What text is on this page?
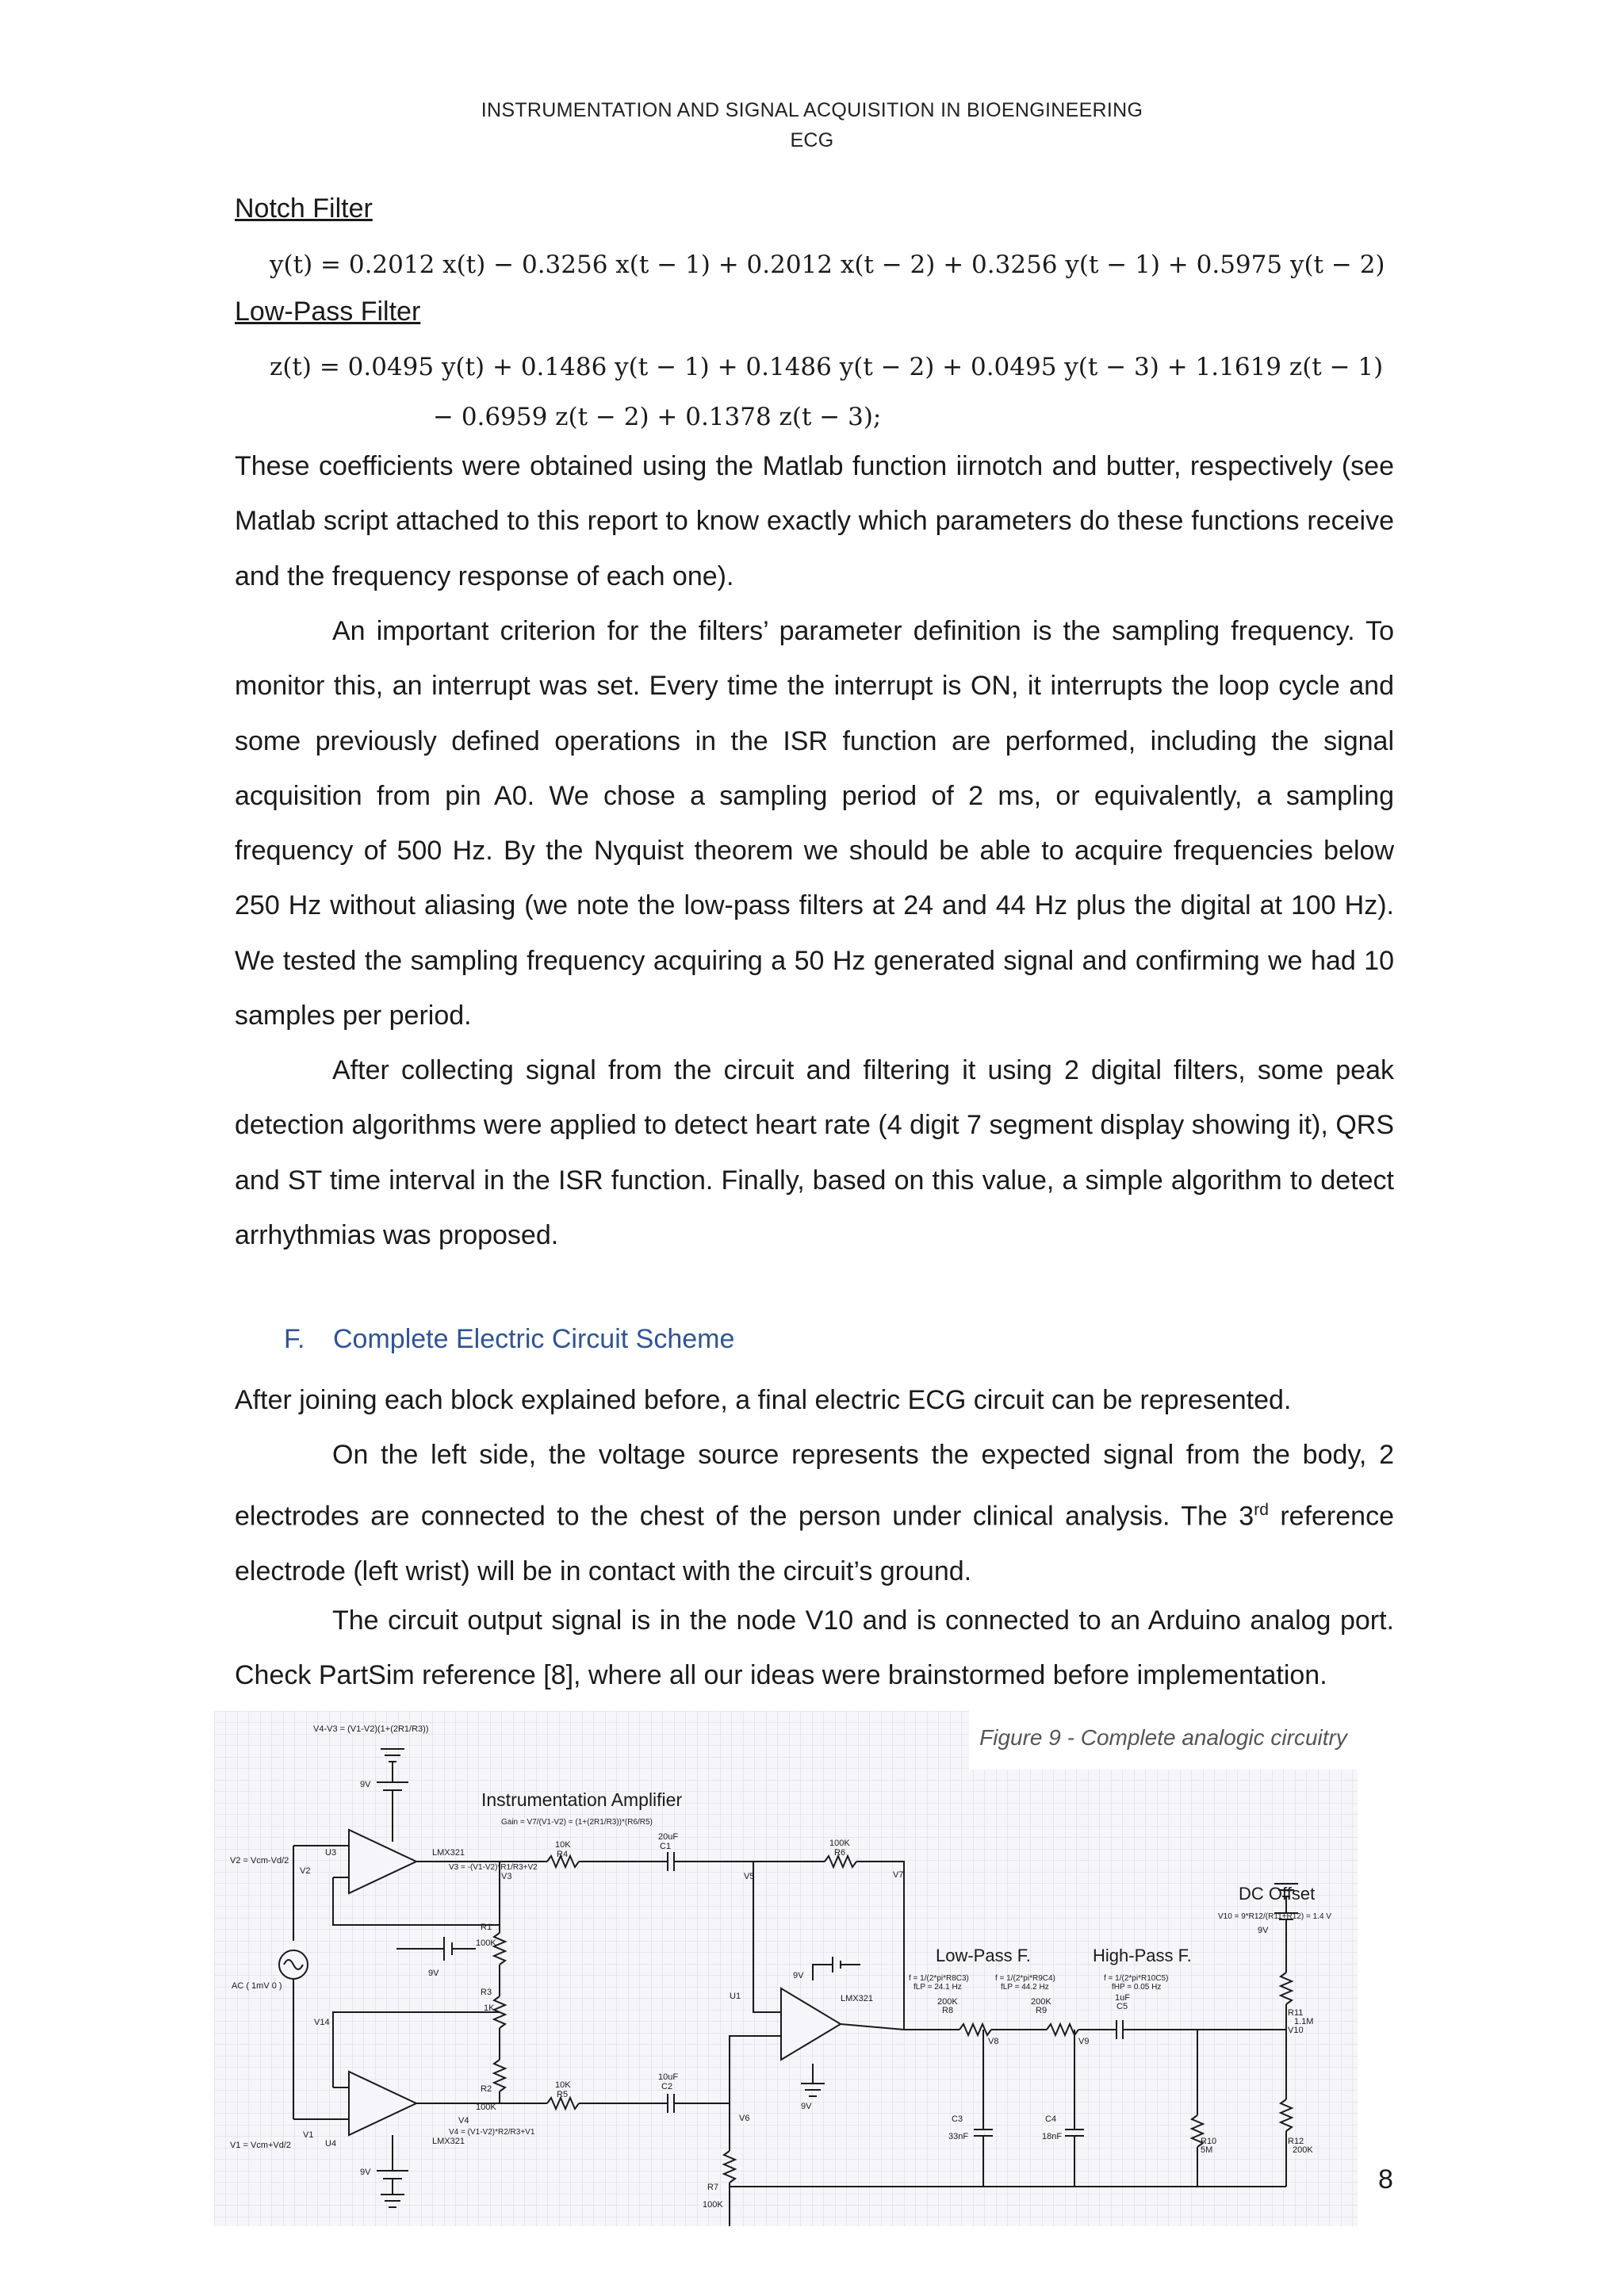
INSTRUMENTATION AND SIGNAL ACQUISITION IN BIOENGINEERING
ECG
Notch Filter
y(t) = 0.2012 x(t) − 0.3256 x(t − 1) + 0.2012 x(t − 2) + 0.3256 y(t − 1) + 0.5975 y(t − 2)
Low-Pass Filter
z(t) = 0.0495 y(t) + 0.1486 y(t − 1) + 0.1486 y(t − 2) + 0.0495 y(t − 3) + 1.1619 z(t − 1)
− 0.6959 z(t − 2) + 0.1378 z(t − 3);

These coefficients were obtained using the Matlab function iirnotch and butter, respectively (see Matlab script attached to this report to know exactly which parameters do these functions receive and the frequency response of each one).

An important criterion for the filters’ parameter definition is the sampling frequency. To monitor this, an interrupt was set. Every time the interrupt is ON, it interrupts the loop cycle and some previously defined operations in the ISR function are performed, including the signal acquisition from pin A0. We chose a sampling period of 2 ms, or equivalently, a sampling frequency of 500 Hz. By the Nyquist theorem we should be able to acquire frequencies below 250 Hz without aliasing (we note the low-pass filters at 24 and 44 Hz plus the digital at 100 Hz). We tested the sampling frequency acquiring a 50 Hz generated signal and confirming we had 10 samples per period.

After collecting signal from the circuit and filtering it using 2 digital filters, some peak detection algorithms were applied to detect heart rate (4 digit 7 segment display showing it), QRS and ST time interval in the ISR function. Finally, based on this value, a simple algorithm to detect arrhythmias was proposed.

F. Complete Electric Circuit Scheme

After joining each block explained before, a final electric ECG circuit can be represented.

On the left side, the voltage source represents the expected signal from the body, 2 electrodes are connected to the chest of the person under clinical analysis. The 3rd reference electrode (left wrist) will be in contact with the circuit’s ground.

The circuit output signal is in the node V10 and is connected to an Arduino analog port. Check PartSim reference [8], where all our ideas were brainstormed before implementation.

V4-V3 = (V1-V2)(1+(2R1/R3))
Instrumentation Amplifier
Gain = V7/(V1-V2) = (1+(2R1/R3))*(R6/R5)
V2 = Vcm-Vd/2
V1 = Vcm+Vd/2
AC ( 1mV 0 )
V14
U3
U4
U1
V2
V1
LMX321
LMX321
LMX321
V3 = -(V1-V2)*R1/R3+V2
V4 = (V1-V2)*R2/R3+V1
V3
V4
R1
100K
R3
1K
R2
100K
9V
9V
9V
9V
9V
9V
10K
R4
20uF
C1
10K
R5
10uF
C2
V5
V6
100K
R6
V7
R7
100K
Low-Pass F.	High-Pass F.
DC Offset
V10 = 9*R12/(R11+R12) = 1.4 V
f = 1/(2*pi*R8C3)
fLP = 24.1 Hz
f = 1/(2*pi*R9C4)
fLP = 44.2 Hz
f = 1/(2*pi*R10C5)
fHP = 0.05 Hz
200K
R8
200K
R9
1uF
C5
V8	V9
C3
33nF
C4
18nF	R10
5M
R11
1.1M
V10
R12
200K
Figure 9 - Complete analogic circuitry
8
